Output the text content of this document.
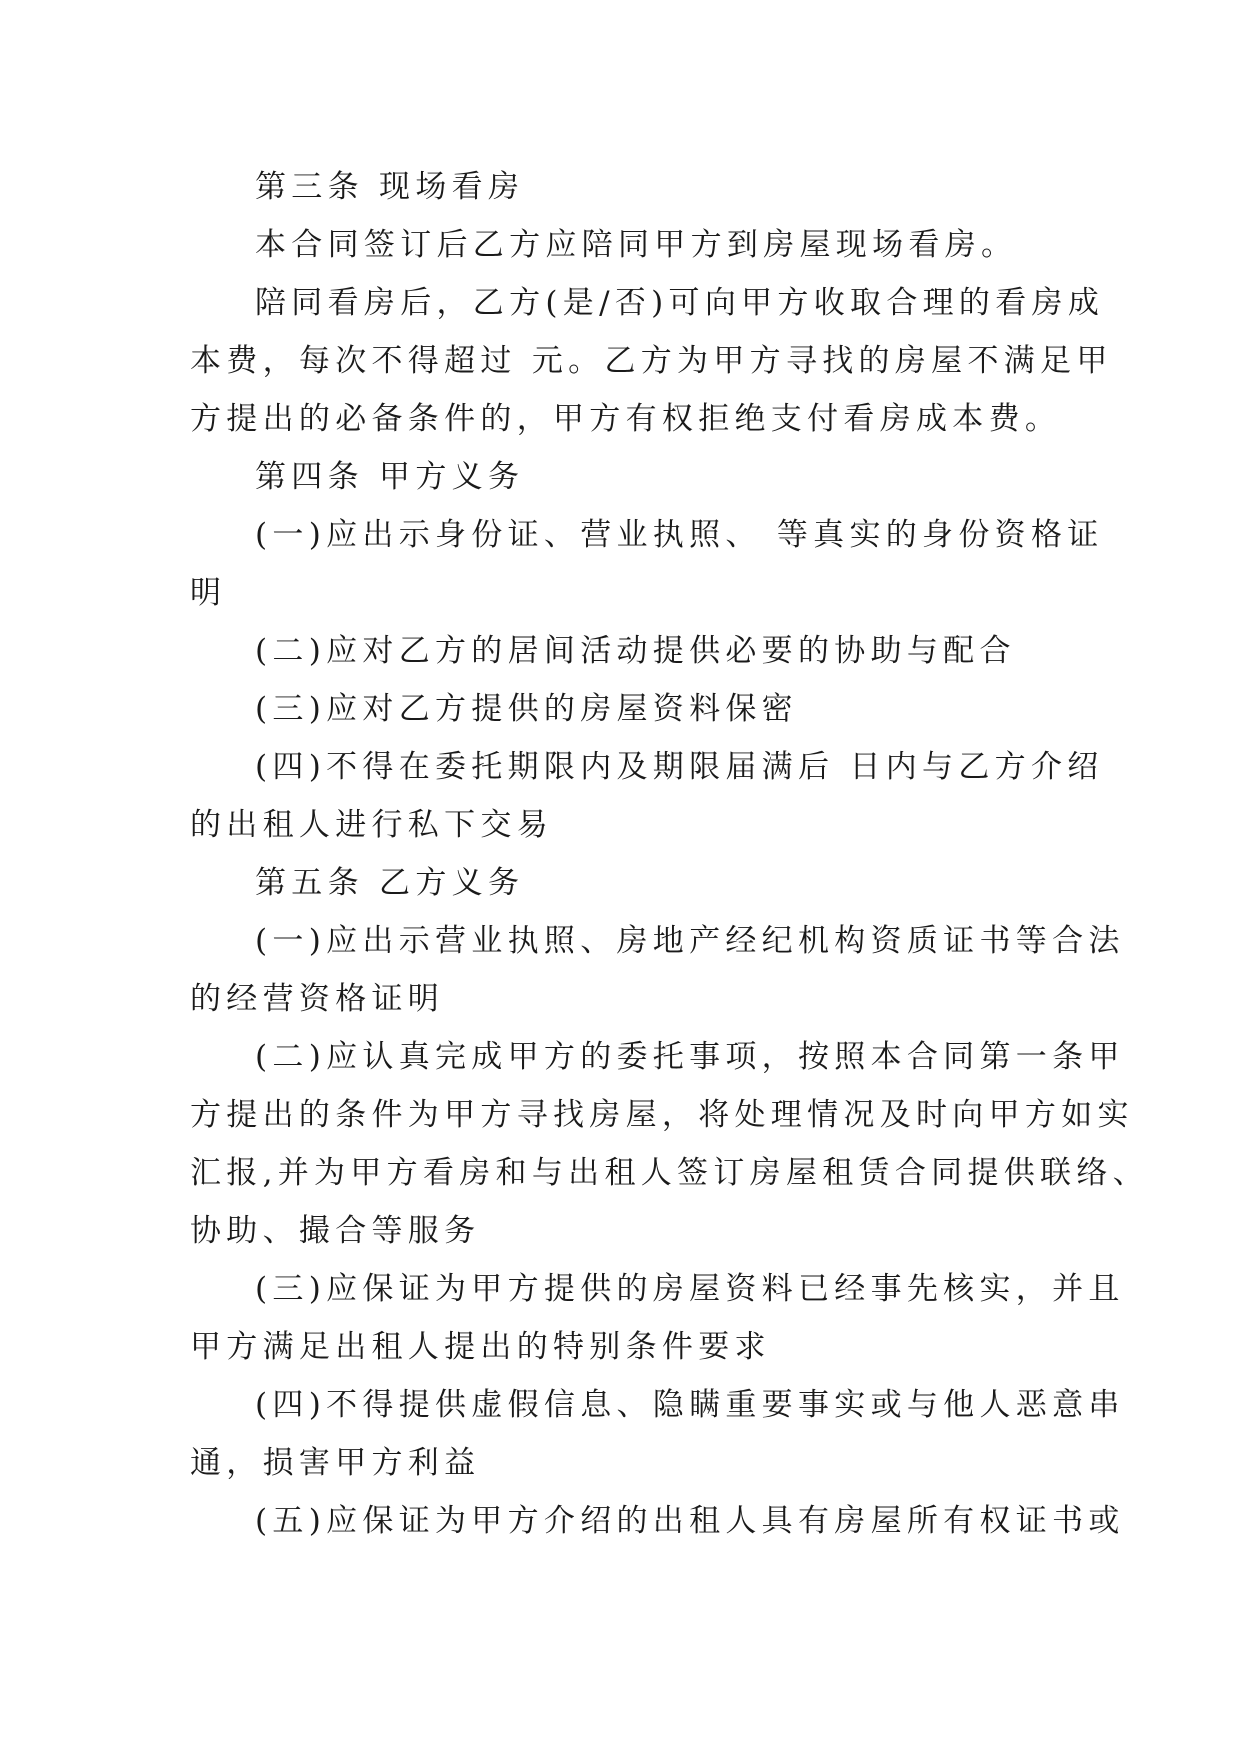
第三条 现场看房
本合同签订后乙方应陪同甲方到房屋现场看房。
陪同看房后，乙方(是/否)可向甲方收取合理的看房成
本费，每次不得超过 元。乙方为甲方寻找的房屋不满足甲
方提出的必备条件的，甲方有权拒绝支付看房成本费。
第四条 甲方义务
(一)应出示身份证、营业执照、 等真实的身份资格证
明
(二)应对乙方的居间活动提供必要的协助与配合
(三)应对乙方提供的房屋资料保密
(四)不得在委托期限内及期限届满后 日内与乙方介绍
的出租人进行私下交易
第五条 乙方义务
(一)应出示营业执照、房地产经纪机构资质证书等合法
的经营资格证明
(二)应认真完成甲方的委托事项，按照本合同第一条甲
方提出的条件为甲方寻找房屋，将处理情况及时向甲方如实
汇报,并为甲方看房和与出租人签订房屋租赁合同提供联络、
协助、撮合等服务
(三)应保证为甲方提供的房屋资料已经事先核实，并且
甲方满足出租人提出的特别条件要求
(四)不得提供虚假信息、隐瞒重要事实或与他人恶意串
通，损害甲方利益
(五)应保证为甲方介绍的出租人具有房屋所有权证书或
